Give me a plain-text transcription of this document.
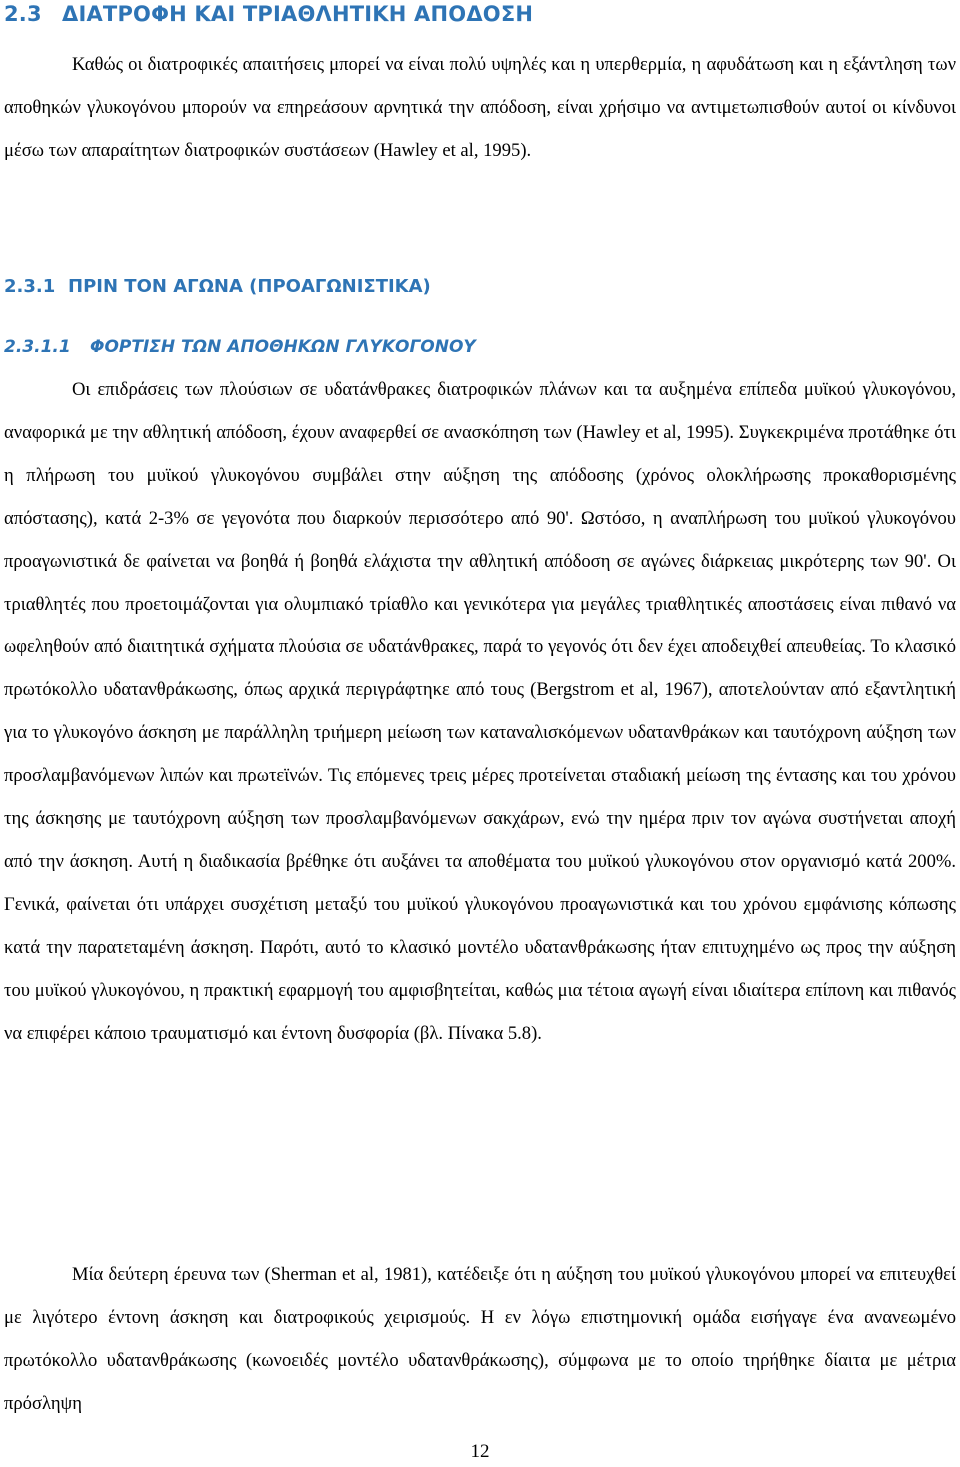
2.3 ΔΙΑΤΡΟΦΗ ΚΑΙ ΤΡΙΑΘΛΗΤΙΚΗ ΑΠΟΔΟΣΗ

Καθώς οι διατροφικές απαιτήσεις μπορεί να είναι πολύ υψηλές και η υπερθερμία, η αφυδάτωση και η εξάντληση των αποθηκών γλυκογόνου μπορούν να επηρεάσουν αρνητικά την απόδοση, είναι χρήσιμο να αντιμετωπισθούν αυτοί οι κίνδυνοι μέσω των απαραίτητων διατροφικών συστάσεων (Hawley et al, 1995).

2.3.1 ΠΡΙΝ ΤΟΝ ΑΓΩΝΑ (ΠΡΟΑΓΩΝΙΣΤΙΚΑ)
2.3.1.1 ΦΟΡΤΙΣΗ ΤΩΝ ΑΠΟΘΗΚΩΝ ΓΛΥΚΟΓΟΝΟΥ

Οι επιδράσεις των πλούσιων σε υδατάνθρακες διατροφικών πλάνων και τα αυξημένα επίπεδα μυϊκού γλυκογόνου, αναφορικά με την αθλητική απόδοση, έχουν αναφερθεί σε ανασκόπηση των (Hawley et al, 1995). Συγκεκριμένα προτάθηκε ότι η πλήρωση του μυϊκού γλυκογόνου συμβάλει στην αύξηση της απόδοσης (χρόνος ολοκλήρωσης προκαθορισμένης απόστασης), κατά 2-3% σε γεγονότα που διαρκούν περισσότερο από 90'. Ωστόσο, η αναπλήρωση του μυϊκού γλυκογόνου προαγωνιστικά δε φαίνεται να βοηθά ή βοηθά ελάχιστα την αθλητική απόδοση σε αγώνες διάρκειας μικρότερης των 90'. Οι τριαθλητές που προετοιμάζονται για ολυμπιακό τρίαθλο και γενικότερα για μεγάλες τριαθλητικές αποστάσεις είναι πιθανό να ωφεληθούν από διαιτητικά σχήματα πλούσια σε υδατάνθρακες, παρά το γεγονός ότι δεν έχει αποδειχθεί απευθείας. Το κλασικό πρωτόκολλο υδατανθράκωσης, όπως αρχικά περιγράφτηκε από τους (Bergstrom et al, 1967), αποτελούνταν από εξαντλητική για το γλυκογόνο άσκηση με παράλληλη τριήμερη μείωση των καταναλισκόμενων υδατανθράκων και ταυτόχρονη αύξηση των προσλαμβανόμενων λιπών και πρωτεϊνών. Τις επόμενες τρεις μέρες προτείνεται σταδιακή μείωση της έντασης και του χρόνου της άσκησης με ταυτόχρονη αύξηση των προσλαμβανόμενων σακχάρων, ενώ την ημέρα πριν τον αγώνα συστήνεται αποχή από την άσκηση. Αυτή η διαδικασία βρέθηκε ότι αυξάνει τα αποθέματα του μυϊκού γλυκογόνου στον οργανισμό κατά 200%. Γενικά, φαίνεται ότι υπάρχει συσχέτιση μεταξύ του μυϊκού γλυκογόνου προαγωνιστικά και του χρόνου εμφάνισης κόπωσης κατά την παρατεταμένη άσκηση. Παρότι, αυτό το κλασικό μοντέλο υδατανθράκωσης ήταν επιτυχημένο ως προς την αύξηση του μυϊκού γλυκογόνου, η πρακτική εφαρμογή του αμφισβητείται, καθώς μια τέτοια αγωγή είναι ιδιαίτερα επίπονη και πιθανός να επιφέρει κάποιο τραυματισμό και έντονη δυσφορία (βλ. Πίνακα 5.8).

Μία δεύτερη έρευνα των (Sherman et al, 1981), κατέδειξε ότι η αύξηση του μυϊκού γλυκογόνου μπορεί να επιτευχθεί με λιγότερο έντονη άσκηση και διατροφικούς χειρισμούς. Η εν λόγω επιστημονική ομάδα εισήγαγε ένα ανανεωμένο πρωτόκολλο υδατανθράκωσης (κωνοειδές μοντέλο υδατανθράκωσης), σύμφωνα με το οποίο τηρήθηκε δίαιτα με μέτρια πρόσληψη

12
